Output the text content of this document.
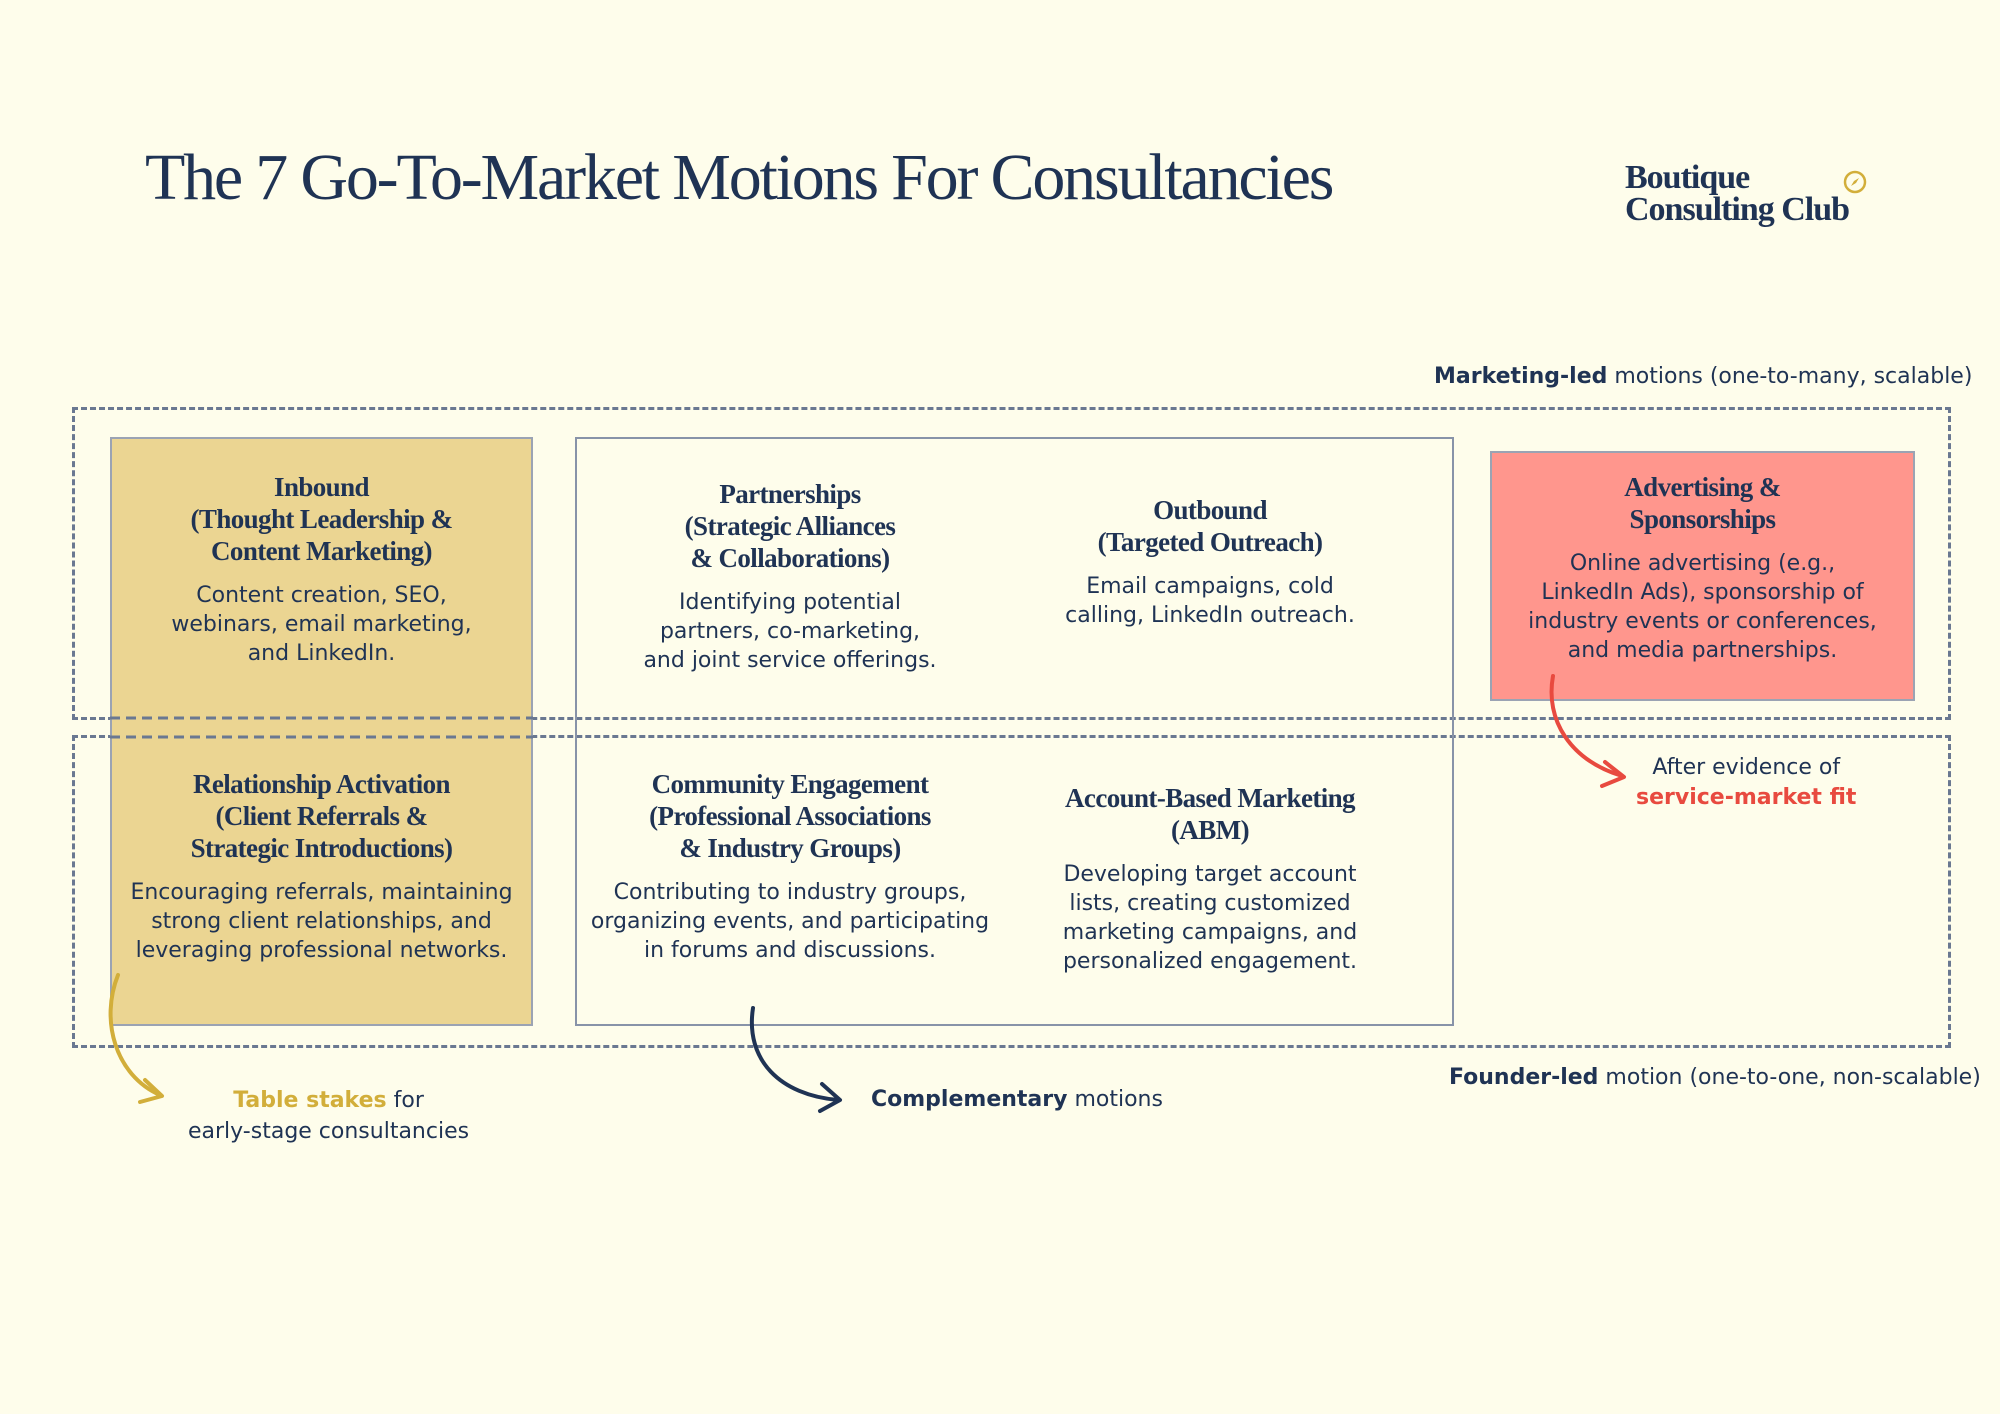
The 7 Go-To-Market Motions For Consultancies	Boutique
Consulting Club
Marketing-led motions (one-to-many, scalable)
Inbound
(Thought Leadership &
Content Marketing)
Content creation, SEO,
webinars, email marketing,
and LinkedIn.
Partnerships
(Strategic Alliances
& Collaborations)
Identifying potential
partners, co-marketing,
and joint service offerings.
Outbound
(Targeted Outreach)
Email campaigns, cold
calling, LinkedIn outreach.
Advertising &
Sponsorships
Online advertising (e.g.,
LinkedIn Ads), sponsorship of
industry events or conferences,
and media partnerships.
Relationship Activation
(Client Referrals &
Strategic Introductions)
Encouraging referrals, maintaining
strong client relationships, and
leveraging professional networks.
Community Engagement
(Professional Associations
& Industry Groups)
Contributing to industry groups,
organizing events, and participating
in forums and discussions.
Account-Based Marketing
(ABM)
Developing target account
lists, creating customized
marketing campaigns, and
personalized engagement.
Founder-led motion (one-to-one, non-scalable)
Table stakes for
early-stage consultancies
Complementary motions
After evidence of
service-market fit
